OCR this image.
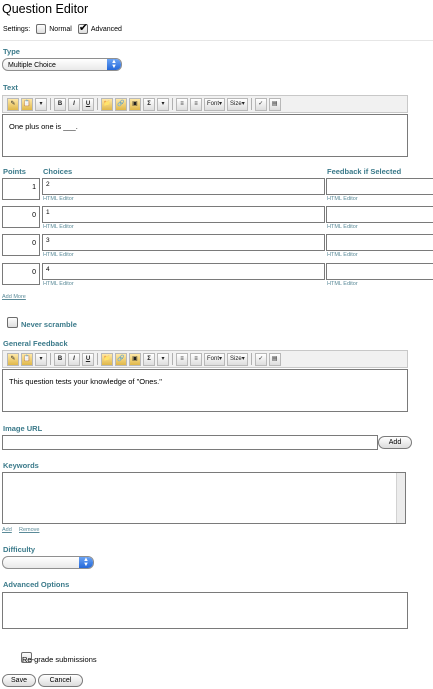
Question Editor
Settings:	Normal ✔	Advanced
Type
Multiple Choice	▲
▼
Text
✎	📋	▾	B	I	U	📁	🔗	▣	Σ	▾	≡	≡	Font▾	Size▾	✓	▤
One plus one is ___.
Points Choices	Feedback if Selected
1	2
HTML Editor	HTML Editor
0	1
HTML Editor	HTML Editor
0	3
HTML Editor	HTML Editor
0	4
HTML Editor	HTML Editor
Add More

Never scramble
General Feedback
✎	📋	▾	B	I	U	📁	🔗	▣	Σ	▾	≡	≡	Font▾	Size▾	✓	▤
This question tests your knowledge of "Ones."
Image URL
Add
Keywords
Add Remove
Difficulty
▲
▼
Advanced Options
Re-grade submissions
Save	Cancel
